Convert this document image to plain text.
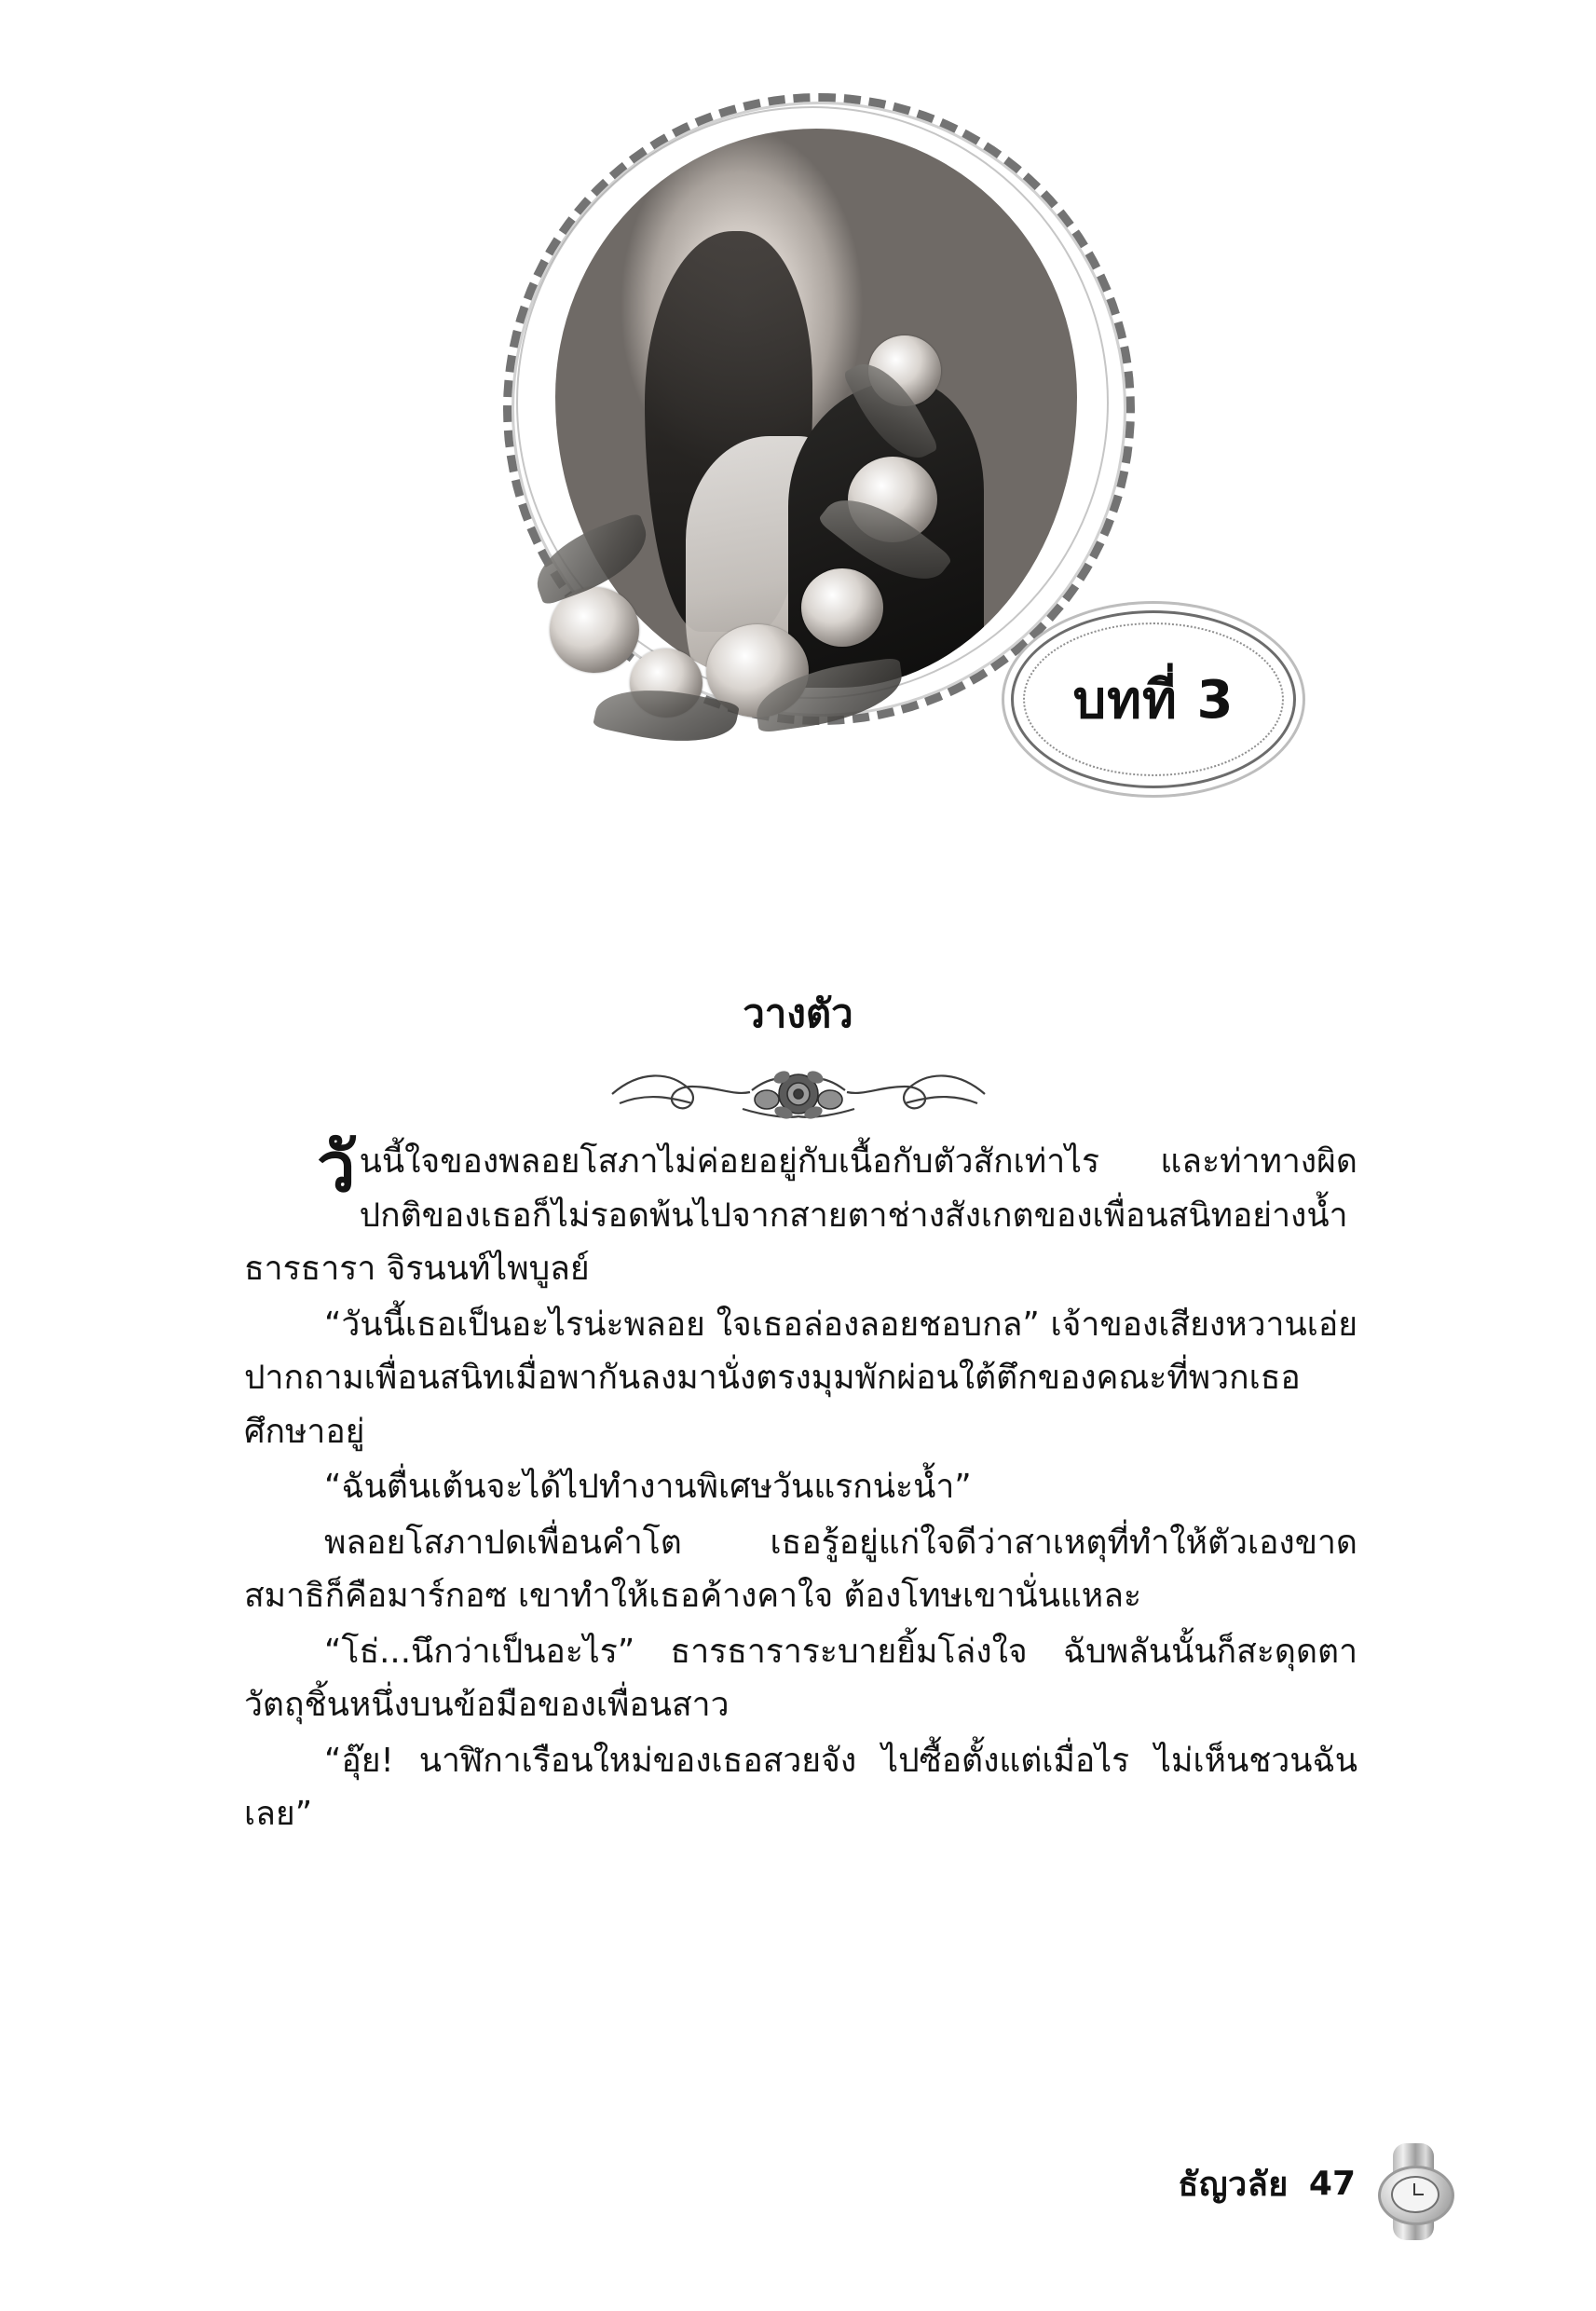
บทที่ 3
วางตัว

วันนี้ใจของพลอยโสภาไม่ค่อยอยู่กับเนื้อกับตัวสักเท่าไร และท่าทางผิดปกติของเธอก็ไม่รอดพ้นไปจากสายตาช่างสังเกตของเพื่อนสนิทอย่างน้ำ ธารธารา จิรนนท์ไพบูลย์

“วันนี้เธอเป็นอะไรน่ะพลอย ใจเธอล่องลอยชอบกล” เจ้าของเสียงหวานเอ่ยปากถามเพื่อนสนิทเมื่อพากันลงมานั่งตรงมุมพักผ่อนใต้ตึกของคณะที่พวกเธอศึกษาอยู่

“ฉันตื่นเต้นจะได้ไปทำงานพิเศษวันแรกน่ะน้ำ”

พลอยโสภาปดเพื่อนคำโต เธอรู้อยู่แก่ใจดีว่าสาเหตุที่ทำให้ตัวเองขาดสมาธิก็คือมาร์กอซ เขาทำให้เธอค้างคาใจ ต้องโทษเขานั่นแหละ

“โธ่...นึกว่าเป็นอะไร” ธารธาราระบายยิ้มโล่งใจ ฉับพลันนั้นก็สะดุดตาวัตถุชิ้นหนึ่งบนข้อมือของเพื่อนสาว

“อุ๊ย! นาฬิกาเรือนใหม่ของเธอสวยจัง ไปซื้อตั้งแต่เมื่อไร ไม่เห็นชวนฉันเลย”

ธัญวลัย 47
